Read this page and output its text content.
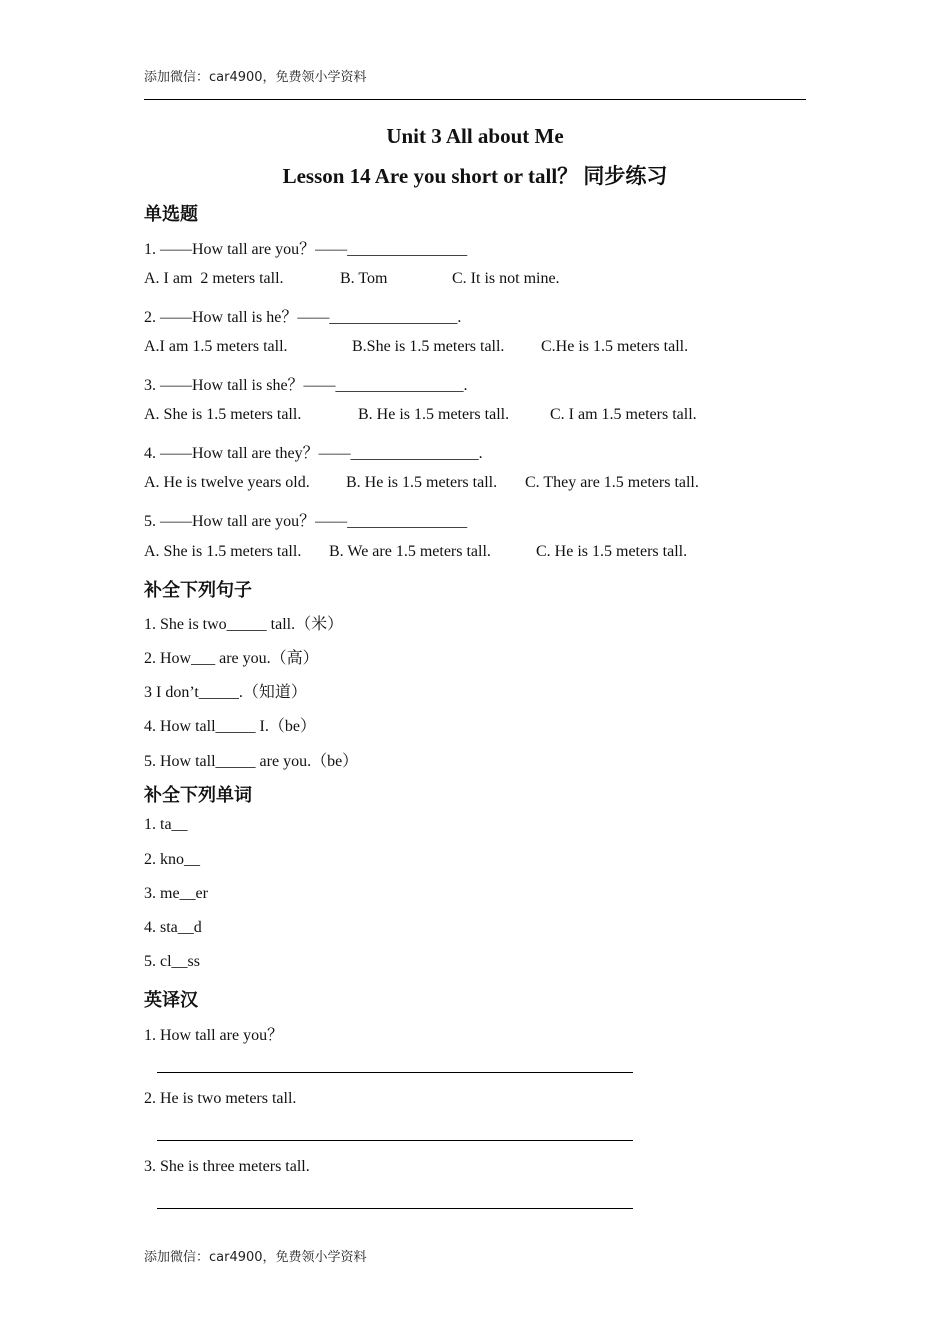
添加微信：car4900，免费领小学资料
Unit 3 All about Me
Lesson 14 Are you short or tall？ 同步练习
单选题
1. ——How tall are you？——_______________
A. I am  2 meters tall.	B. Tom	C. It is not mine.
2. ——How tall is he？——________________.
A.I am 1.5 meters tall.	B.She is 1.5 meters tall. C.He is 1.5 meters tall.
3. ——How tall is she？——________________.
A. She is 1.5 meters tall.	B. He is 1.5 meters tall.	C. I am 1.5 meters tall.
4. ——How tall are they？——________________.
A. He is twelve years old. B. He is 1.5 meters tall. C. They are 1.5 meters tall.
5. ——How tall are you？——_______________
A. She is 1.5 meters tall. B. We are 1.5 meters tall.	C. He is 1.5 meters tall.
补全下列句子
1. She is two_____ tall.（米）
2. How___ are you.（高）
3 I don’t_____.（知道）
4. How tall_____ I.（be）
5. How tall_____ are you.（be）
补全下列单词
1. ta__
2. kno__
3. me__er
4. sta__d
5. cl__ss
英译汉
1. How tall are you？
2. He is two meters tall.
3. She is three meters tall.
添加微信：car4900，免费领小学资料
